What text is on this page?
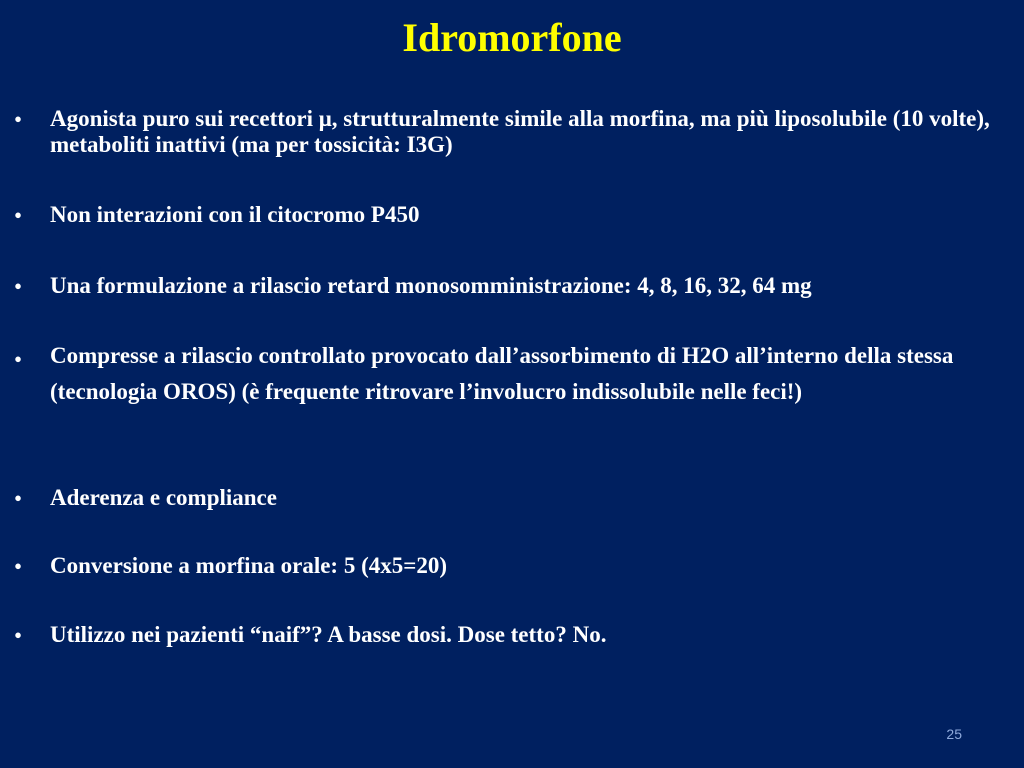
Idromorfone
• Agonista puro sui recettori μ, strutturalmente simile alla morfina, ma più liposolubile (10 volte), metaboliti inattivi (ma per tossicità: I3G)
• Non interazioni con il citocromo P450
• Una formulazione a rilascio retard monosomministrazione: 4, 8, 16, 32, 64 mg
• Compresse a rilascio controllato provocato dall’assorbimento di H2O all’interno della stessa (tecnologia OROS) (è frequente ritrovare l’involucro indissolubile nelle feci!)
• Aderenza e compliance
• Conversione a morfina orale: 5 (4x5=20)
• Utilizzo nei pazienti “naif”? A basse dosi. Dose tetto? No.
25
